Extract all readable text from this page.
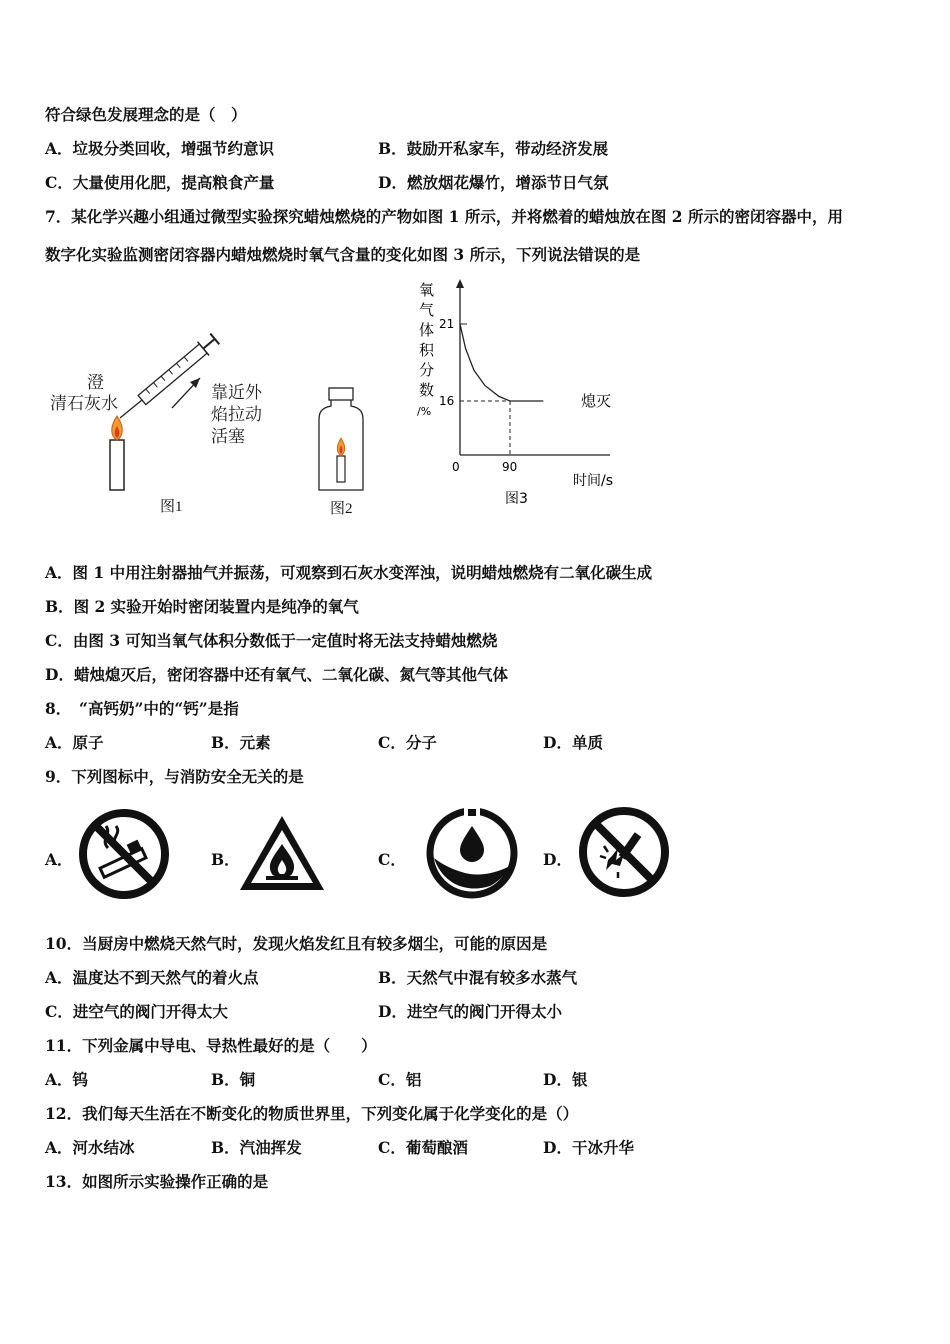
符合绿色发展理念的是（　）
A．垃圾分类回收，增强节约意识	B．鼓励开私家车，带动经济发展
C．大量使用化肥，提高粮食产量	D．燃放烟花爆竹，增添节日气氛
7．某化学兴趣小组通过微型实验探究蜡烛燃烧的产物如图 1 所示，并将燃着的蜡烛放在图 2 所示的密闭容器中，用
数字化实验监测密闭容器内蜡烛燃烧时氧气含量的变化如图 3 所示，下列说法错误的是
澄
清石灰水
靠近外
焰拉动
活塞
图1	图2
氧
气
体
积
分
数
/%
21
16
0	90
时间/s
熄灭
图3
A．图 1 中用注射器抽气并振荡，可观察到石灰水变浑浊，说明蜡烛燃烧有二氧化碳生成
B．图 2 实验开始时密闭装置内是纯净的氧气
C．由图 3 可知当氧气体积分数低于一定值时将无法支持蜡烛燃烧
D．蜡烛熄灭后，密闭容器中还有氧气、二氧化碳、氮气等其他气体
8．　“高钙奶”中的“钙”是指
A．原子	B．元素	C．分子	D．单质
9．下列图标中，与消防安全无关的是
A．	B．	C．	D．
10．当厨房中燃烧天然气时，发现火焰发红且有较多烟尘，可能的原因是
A．温度达不到天然气的着火点	B．天然气中混有较多水蒸气
C．进空气的阀门开得太大	D．进空气的阀门开得太小
11．下列金属中导电、导热性最好的是（　　）
A．钨	B．铜	C．铝	D．银
12．我们每天生活在不断变化的物质世界里，下列变化属于化学变化的是（）
A．河水结冰	B．汽油挥发	C．葡萄酿酒	D．干冰升华
13．如图所示实验操作正确的是
